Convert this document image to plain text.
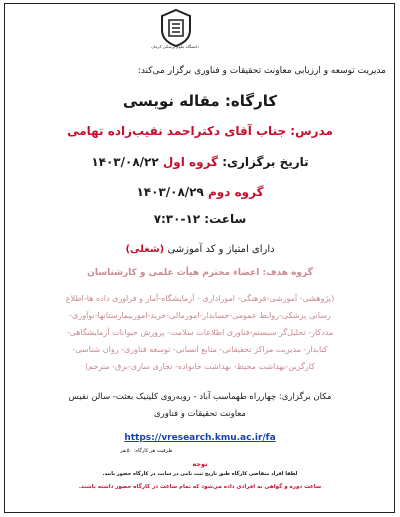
دانشگاه علوم پزشکی کرمان
مدیریت توسعه و ارزیابی معاونت تحقیقات و فناوری برگزار می‌کند:
کارگاه: مقاله نویسی
مدرس: جناب آقای دکتراحمد نقیب‌زاده تهامی
تاریخ برگزاری: گروه اول ۱۴۰۳/۰۸/۲۲
گروه دوم ۱۴۰۳/۰۸/۲۹
ساعت: ۱۲-۷:۳۰
دارای امتیاز و کد آموزشی (شغلی)
گروه هدف: اعضاء محترم هیأت علمی و کارشناسان
(پژوهشی- آموزشی-فرهنگی- اموراداری - آزمایشگاه-آمار و فراوری داده ها-اطلاع
رسانی پزشکی-روابط عمومی-حسابدار-امورمالی-خرید-اموربیمارستانها-نوآوری-
مددکار- تحلیل‌گر سیستم-فناوری اطلاعات سلامت- پرورش حیوانات آزمایشگاهی-
کتابدار- مدیریت مراکز تحقیقاتی- منابع انسانی- توسعه فناوری- روان شناسی-
کارگزین-بهداشت محیط- بهداشت خانواده- تجاری سازی-برق- مترجم)
مکان برگزاری: چهارراه طهماسب آباد - روبه‌روی کلینیک بعثت- سالن نفیس
معاونت تحقیقات و فناوری
https://vresearch.kmu.ac.ir/fa
ظرفیت هر کارگاه: ۵۰نفر
توجه
لطفا افراد متقاضی کارگاه طبق تاریخ ثبت نامی در سایت در کارگاه حضور یابند.
ساعت دوره و گواهی به افرادی داده می‌شود که تمام ساعت در کارگاه حضور داشته باشند.
